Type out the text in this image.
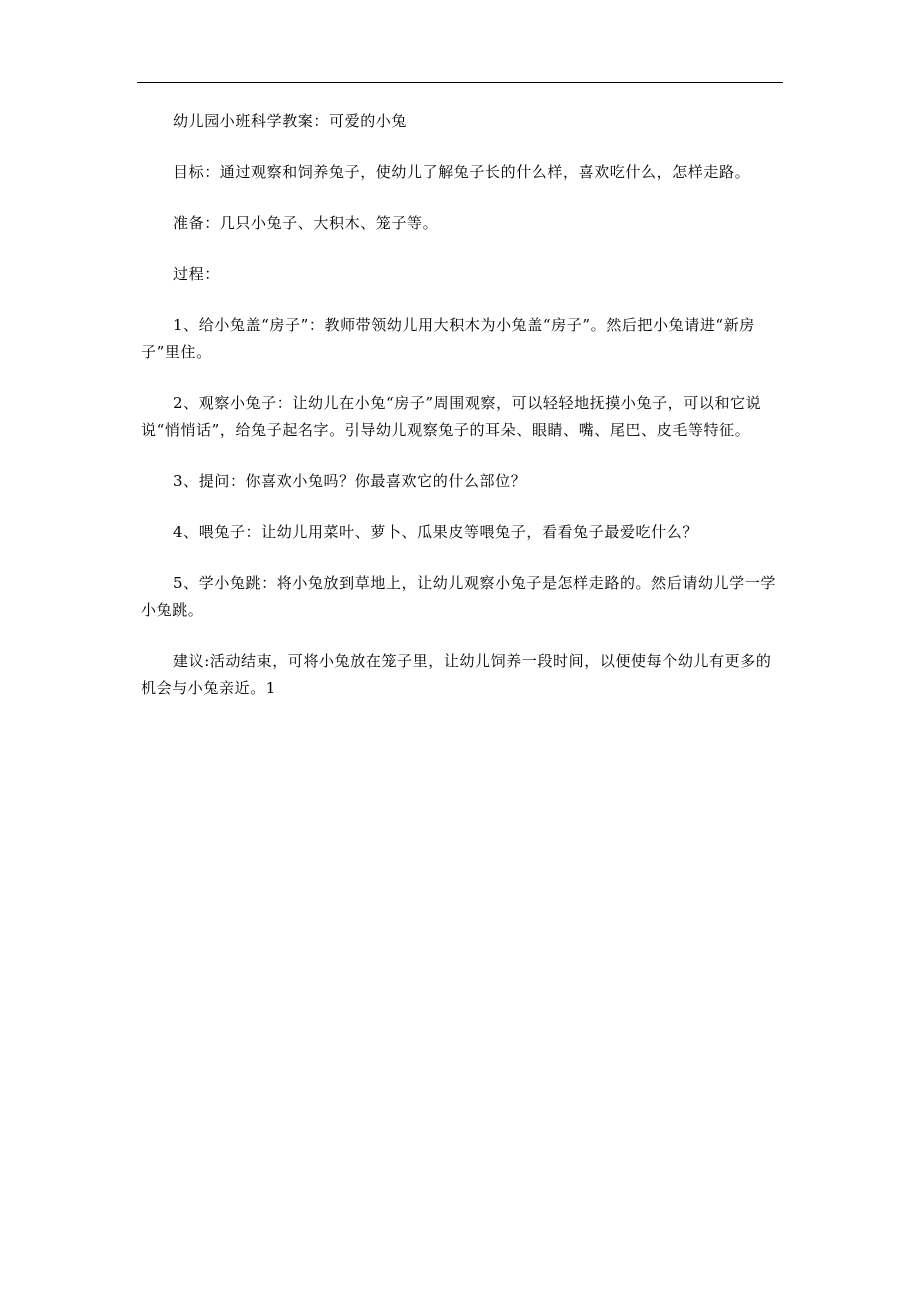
幼儿园小班科学教案：可爱的小兔

目标：通过观察和饲养兔子，使幼儿了解兔子长的什么样，喜欢吃什么，怎样走路。

准备：几只小兔子、大积木、笼子等。

过程：

1、给小兔盖“房子”：教师带领幼儿用大积木为小兔盖“房子”。然后把小兔请进“新房子”里住。

2、观察小兔子：让幼儿在小兔“房子”周围观察，可以轻轻地抚摸小兔子，可以和它说说“悄悄话”，给兔子起名字。引导幼儿观察兔子的耳朵、眼睛、嘴、尾巴、皮毛等特征。

3、提问：你喜欢小兔吗？你最喜欢它的什么部位？

4、喂兔子：让幼儿用菜叶、萝卜、瓜果皮等喂兔子，看看兔子最爱吃什么？

5、学小兔跳：将小兔放到草地上，让幼儿观察小兔子是怎样走路的。然后请幼儿学一学小兔跳。

建议:活动结束，可将小兔放在笼子里，让幼儿饲养一段时间，以便使每个幼儿有更多的机会与小兔亲近。1
